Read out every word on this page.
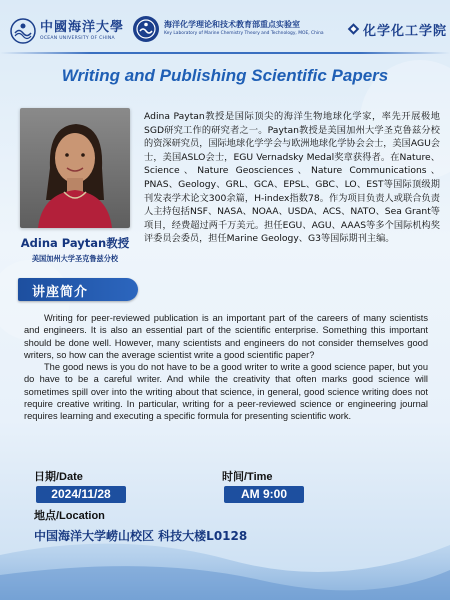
中國海洋大學
OCEAN UNIVERSITY OF CHINA
海洋化学理论和技术教育部重点实验室
Key Laboratory of Marine Chemistry Theory and Technology, MOE, China	化学化工学院
Writing and Publishing Scientific Papers
Adina Paytan教授
美国加州大学圣克鲁兹分校

Adina Paytan教授是国际顶尖的海洋生物地球化学家，率先开展极地SGD研究工作的研究者之一。Paytan教授是美国加州大学圣克鲁兹分校的资深研究员，国际地球化学学会与欧洲地球化学协会会士，美国AGU会士，美国ASLO会士，EGU Vernadsky Medal奖章获得者。在Nature、Science、Nature Geosciences、Nature Communications、PNAS、Geology、GRL、GCA、EPSL、GBC、LO、EST等国际顶级期刊发表学术论文300余篇，H-index指数78。作为项目负责人或联合负责人主持包括NSF、NASA、NOAA、USDA、ACS、NATO、Sea Grant等项目，经费超过两千万美元。担任EGU、AGU、AAAS等多个国际机构奖评委员会委员，担任Marine Geology、G3等国际期刊主编。

讲座简介

Writing for peer-reviewed publication is an important part of the careers of many scientists and engineers. It is also an essential part of the scientific enterprise. Something this important should be done well. However, many scientists and engineers do not consider themselves good writers, so how can the average scientist write a good scientific paper?

The good news is you do not have to be a good writer to write a good science paper, but you do have to be a careful writer. And while the creativity that often marks good science will sometimes spill over into the writing about that science, in general, good science writing does not require creative writing. In particular, writing for a peer-reviewed science or engineering journal requires learning and executing a specific formula for presenting scientific work.

日期/Date	时间/Time
2024/11/28	AM 9:00
地点/Location
中国海洋大学崂山校区 科技大楼L0128
